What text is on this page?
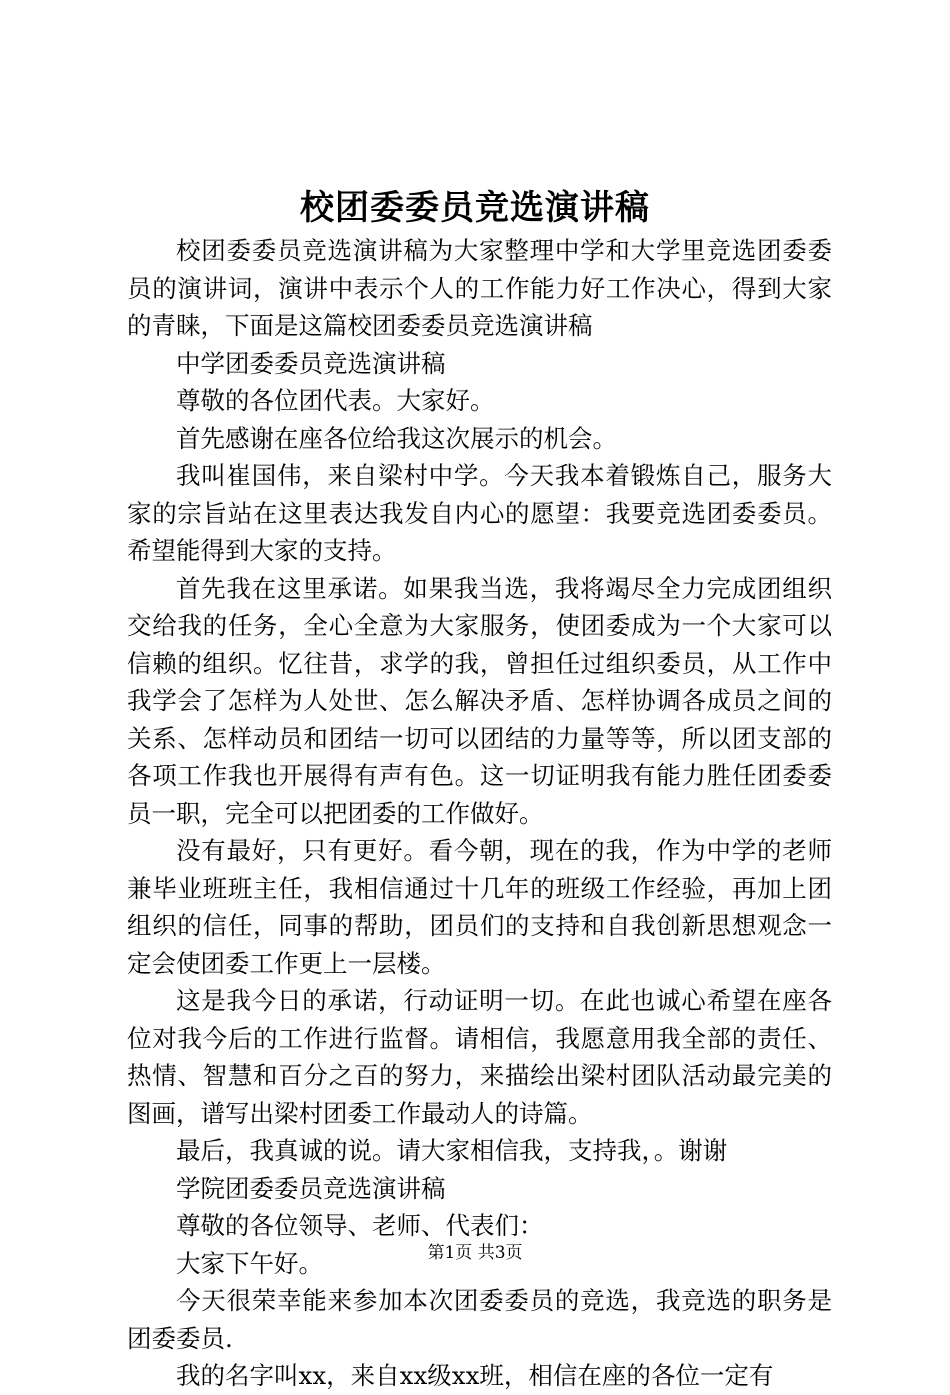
校团委委员竞选演讲稿

校团委委员竞选演讲稿为大家整理中学和大学里竞选团委委员的演讲词，演讲中表示个人的工作能力好工作决心，得到大家的青睐，下面是这篇校团委委员竞选演讲稿

中学团委委员竞选演讲稿

尊敬的各位团代表。大家好。

首先感谢在座各位给我这次展示的机会。

我叫崔国伟，来自梁村中学。今天我本着锻炼自己，服务大家的宗旨站在这里表达我发自内心的愿望：我要竞选团委委员。希望能得到大家的支持。

首先我在这里承诺。如果我当选，我将竭尽全力完成团组织交给我的任务，全心全意为大家服务，使团委成为一个大家可以信赖的组织。忆往昔，求学的我，曾担任过组织委员，从工作中我学会了怎样为人处世、怎么解决矛盾、怎样协调各成员之间的关系、怎样动员和团结一切可以团结的力量等等，所以团支部的各项工作我也开展得有声有色。这一切证明我有能力胜任团委委员一职，完全可以把团委的工作做好。

没有最好，只有更好。看今朝，现在的我，作为中学的老师兼毕业班班主任，我相信通过十几年的班级工作经验，再加上团组织的信任，同事的帮助，团员们的支持和自我创新思想观念一定会使团委工作更上一层楼。

这是我今日的承诺，行动证明一切。在此也诚心希望在座各位对我今后的工作进行监督。请相信，我愿意用我全部的责任、热情、智慧和百分之百的努力，来描绘出梁村团队活动最完美的图画，谱写出梁村团委工作最动人的诗篇。

最后，我真诚的说。请大家相信我，支持我，。谢谢

学院团委委员竞选演讲稿

尊敬的各位领导、老师、代表们：

大家下午好。

今天很荣幸能来参加本次团委委员的竞选，我竞选的职务是团委委员.

我的名字叫xx，来自xx级xx班，相信在座的各位一定有

第1页 共3页
